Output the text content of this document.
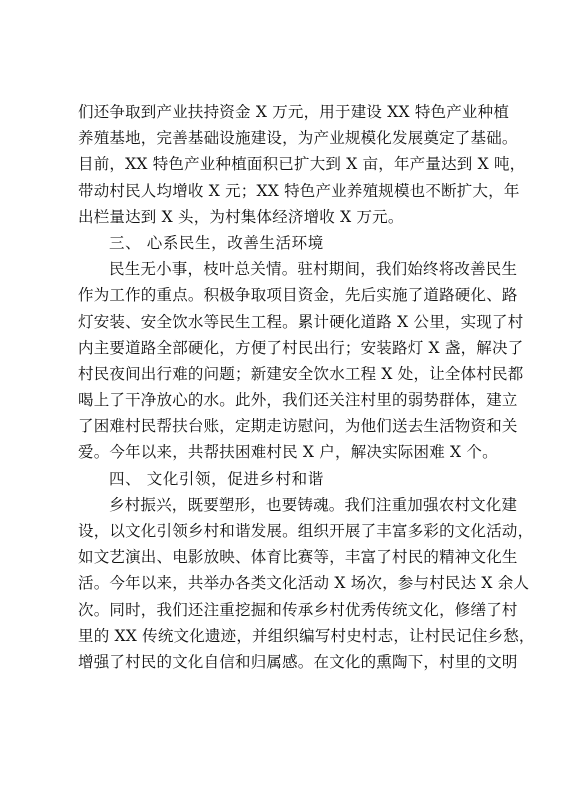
们还争取到产业扶持资金 X 万元，用于建设 XX 特色产业种植
养殖基地，完善基础设施建设，为产业规模化发展奠定了基础。
目前，XX 特色产业种植面积已扩大到 X 亩，年产量达到 X 吨，
带动村民人均增收 X 元；XX 特色产业养殖规模也不断扩大，年
出栏量达到 X 头，为村集体经济增收 X 万元。
三、 心系民生，改善生活环境
民生无小事，枝叶总关情。驻村期间，我们始终将改善民生
作为工作的重点。积极争取项目资金，先后实施了道路硬化、路
灯安装、安全饮水等民生工程。累计硬化道路 X 公里，实现了村
内主要道路全部硬化，方便了村民出行；安装路灯 X 盏，解决了
村民夜间出行难的问题；新建安全饮水工程 X 处，让全体村民都
喝上了干净放心的水。此外，我们还关注村里的弱势群体，建立
了困难村民帮扶台账，定期走访慰问，为他们送去生活物资和关
爱。今年以来，共帮扶困难村民 X 户，解决实际困难 X 个。
四、 文化引领，促进乡村和谐
乡村振兴，既要塑形，也要铸魂。我们注重加强农村文化建
设，以文化引领乡村和谐发展。组织开展了丰富多彩的文化活动，
如文艺演出、电影放映、体育比赛等，丰富了村民的精神文化生
活。今年以来，共举办各类文化活动 X 场次，参与村民达 X 余人
次。同时，我们还注重挖掘和传承乡村优秀传统文化，修缮了村
里的 XX 传统文化遗迹，并组织编写村史村志，让村民记住乡愁，
增强了村民的文化自信和归属感。在文化的熏陶下，村里的文明
